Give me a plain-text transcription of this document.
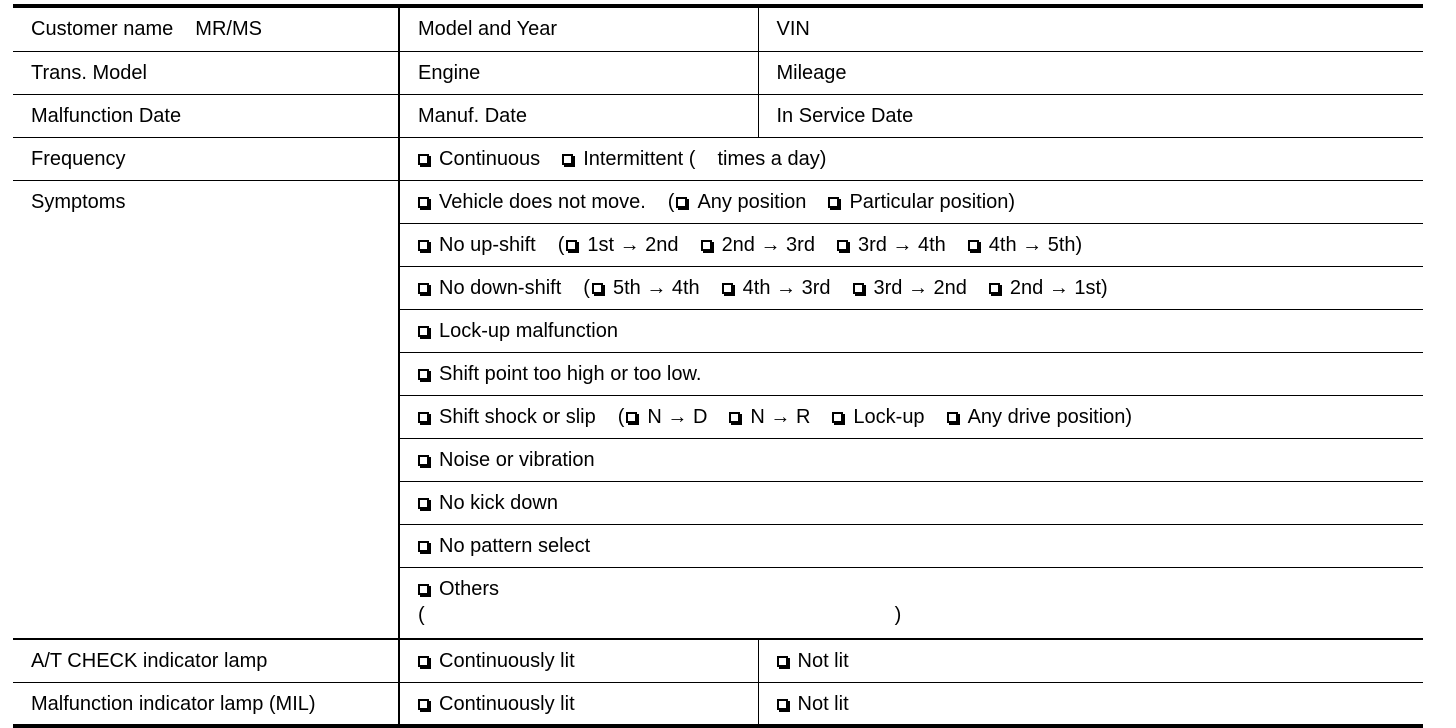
Customer name MR/MS	Model and Year	VIN
Trans. Model	Engine	Mileage
Malfunction Date	Manuf. Date	In Service Date
Frequency	Continuous Intermittent ( times a day)	
Symptoms	Vehicle does not move. ( Any position Particular position)	
	No up-shift ( 1st → 2nd 2nd → 3rd 3rd → 4th 4th → 5th)	
	No down-shift ( 5th → 4th 4th → 3rd 3rd → 2nd 2nd → 1st)	
	Lock-up malfunction	
	Shift point too high or too low.	
	Shift shock or slip ( N → D N → R Lock-up Any drive position)	
	Noise or vibration	
	No kick down	
	No pattern select	
	Others
( )	
A/T CHECK indicator lamp	Continuously lit	Not lit
Malfunction indicator lamp (MIL)	Continuously lit	Not lit
